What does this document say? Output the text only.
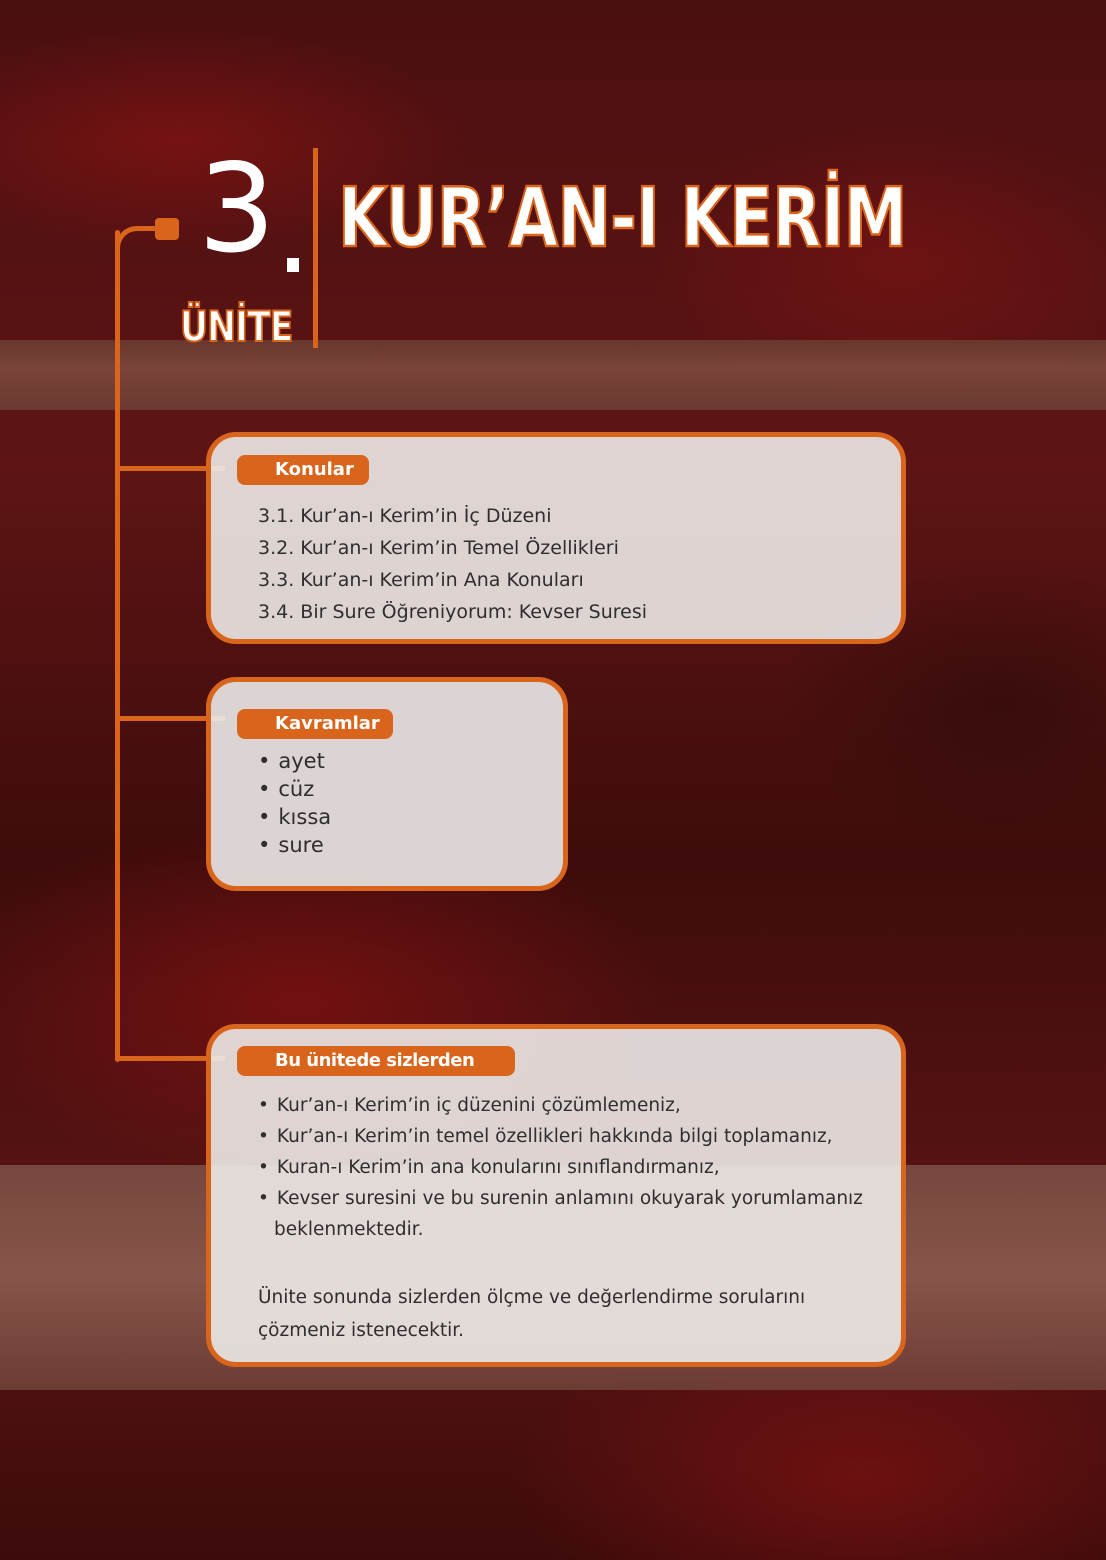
3
ÜNİTE
KUR’AN-I KERİM
Konular
3.1. Kur’an-ı Kerim’in İç Düzeni
3.2. Kur’an-ı Kerim’in Temel Özellikleri
3.3. Kur’an-ı Kerim’in Ana Konuları
3.4. Bir Sure Öğreniyorum: Kevser Suresi
Kavramlar
• ayet
• cüz
• kıssa
• sure
Bu ünitede sizlerden
• Kur’an-ı Kerim’in iç düzenini çözümlemeniz,
• Kur’an-ı Kerim’in temel özellikleri hakkında bilgi toplamanız,
• Kuran-ı Kerim’in ana konularını sınıflandırmanız,
• Kevser suresini ve bu surenin anlamını okuyarak yorumlamanız beklenmektedir.

Ünite sonunda sizlerden ölçme ve değerlendirme sorularını çözmeniz istenecektir.
